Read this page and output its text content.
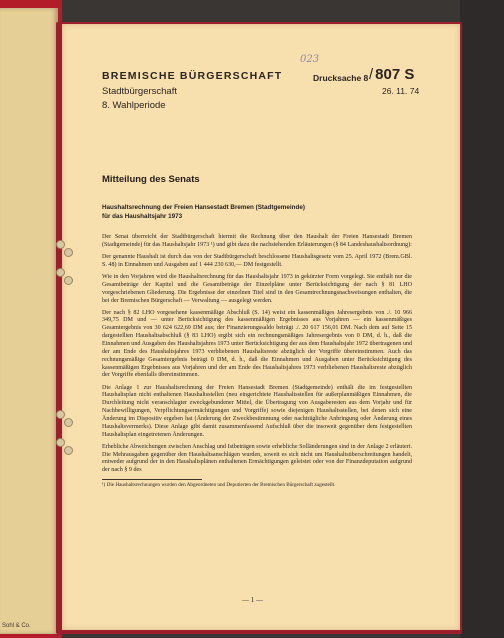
Sohl & Co.
023
BREMISCHE BÜRGERSCHAFT
Stadtbürgerschaft
8. Wahlperiode
Drucksache 8 / 807 S
26. 11. 74
Mitteilung des Senats
Haushaltsrechnung der Freien Hansestadt Bremen (Stadtgemeinde)
für das Haushaltsjahr 1973

Der Senat überreicht der Stadtbürgerschaft hiermit die Rechnung über den Haushalt der Freien Hansestadt Bremen (Stadtgemeinde) für das Haushaltsjahr 1973 ¹) und gibt dazu die nachstehenden Erläuterungen (§ 84 Landeshaushaltsordnung):

Der genannte Haushalt ist durch das von der Stadtbürgerschaft beschlossene Haushaltsgesetz vom 25. April 1972 (Brem.GBl. S. 48) in Einnahmen und Ausgaben auf 1 444 230 630,— DM festgestellt.

Wie in den Vorjahren wird die Haushaltsrechnung für das Haushaltsjahr 1973 in gekürzter Form vorgelegt. Sie enthält nur die Gesamtbeträge der Kapitel und die Gesamtbeträge der Einzelpläne unter Berücksichtigung der nach § 81 LHO vorgeschriebenen Gliederung. Die Ergebnisse der einzelnen Titel sind in den Gesamtrechnungsnachweisungen enthalten, die bei der Bremischen Bürgerschaft — Verwaltung — ausgelegt werden.

Der nach § 82 LHO vorgesehene kassenmäßige Abschluß (S. 14) weist ein kassenmäßiges Jahresergebnis von ./. 10 966 349,75 DM und — unter Berücksichtigung des kassenmäßigen Ergebnisses aus Vorjahren — ein kassenmäßiges Gesamtergebnis von 30 624 622,69 DM aus; der Finanzierungssaldo beträgt ./. 20 617 156,01 DM. Nach dem auf Seite 15 dargestellten Haushaltsabschluß (§ 83 LHO) ergibt sich ein rechnungsmäßiges Jahresergebnis von 0 DM, d. h., daß die Einnahmen und Ausgaben des Haushaltsjahres 1973 unter Berücksichtigung der aus dem Haushaltsjahr 1972 übertragenen und der am Ende des Haushaltsjahres 1973 verbliebenen Haushaltsreste abzüglich der Vorgriffe übereinstimmen. Auch das rechnungsmäßige Gesamtergebnis beträgt 0 DM, d. h., daß die Einnahmen und Ausgaben unter Berücksichtigung des kassenmäßigen Ergebnisses aus Vorjahren und der am Ende des Haushaltsjahres 1973 verbliebenen Haushaltsreste abzüglich der Vorgriffe ebenfalls übereinstimmen.

Die Anlage 1 zur Haushaltsrechnung der Freien Hansestadt Bremen (Stadtgemeinde) enthält die im festgestellten Haushaltsplan nicht enthaltenen Haushaltsstellen (neu eingerichtete Haushaltsstellen für außerplanmäßigen Einnahmen, die Durchleitung nicht veranschlagter zweckgebundener Mittel, die Übertragung von Ausgaberesten aus dem Vorjahr und für Nachbewilligungen, Verpflichtungsermächtigungen und Vorgriffe) sowie diejenigen Haushaltsstellen, bei denen sich eine Änderung im Dispositiv ergeben hat (Änderung der Zweckbestimmung oder nachträgliche Anbringung oder Änderung eines Haushaltsvermerks). Diese Anlage gibt damit zusammenfassend Aufschluß über die insoweit gegenüber dem festgestellten Haushaltsplan eingetretenen Änderungen.

Erhebliche Abweichungen zwischen Anschlag und Istbeträgen sowie erhebliche Solländerungen sind in der Anlage 2 erläutert. Die Mehrausgaben gegenüber den Haushaltsanschlägen wurden, soweit es sich nicht um Haushaltsüberschreitungen handelt, entweder aufgrund der in den Haushaltsplänen enthaltenen Ermächtigungen geleistet oder von der Finanzdeputation aufgrund der nach § 9 des

¹) Die Haushaltsrechnungen wurden den Abgeordneten und Deputierten der Bremischen Bürgerschaft zugestellt.

— 1 —
